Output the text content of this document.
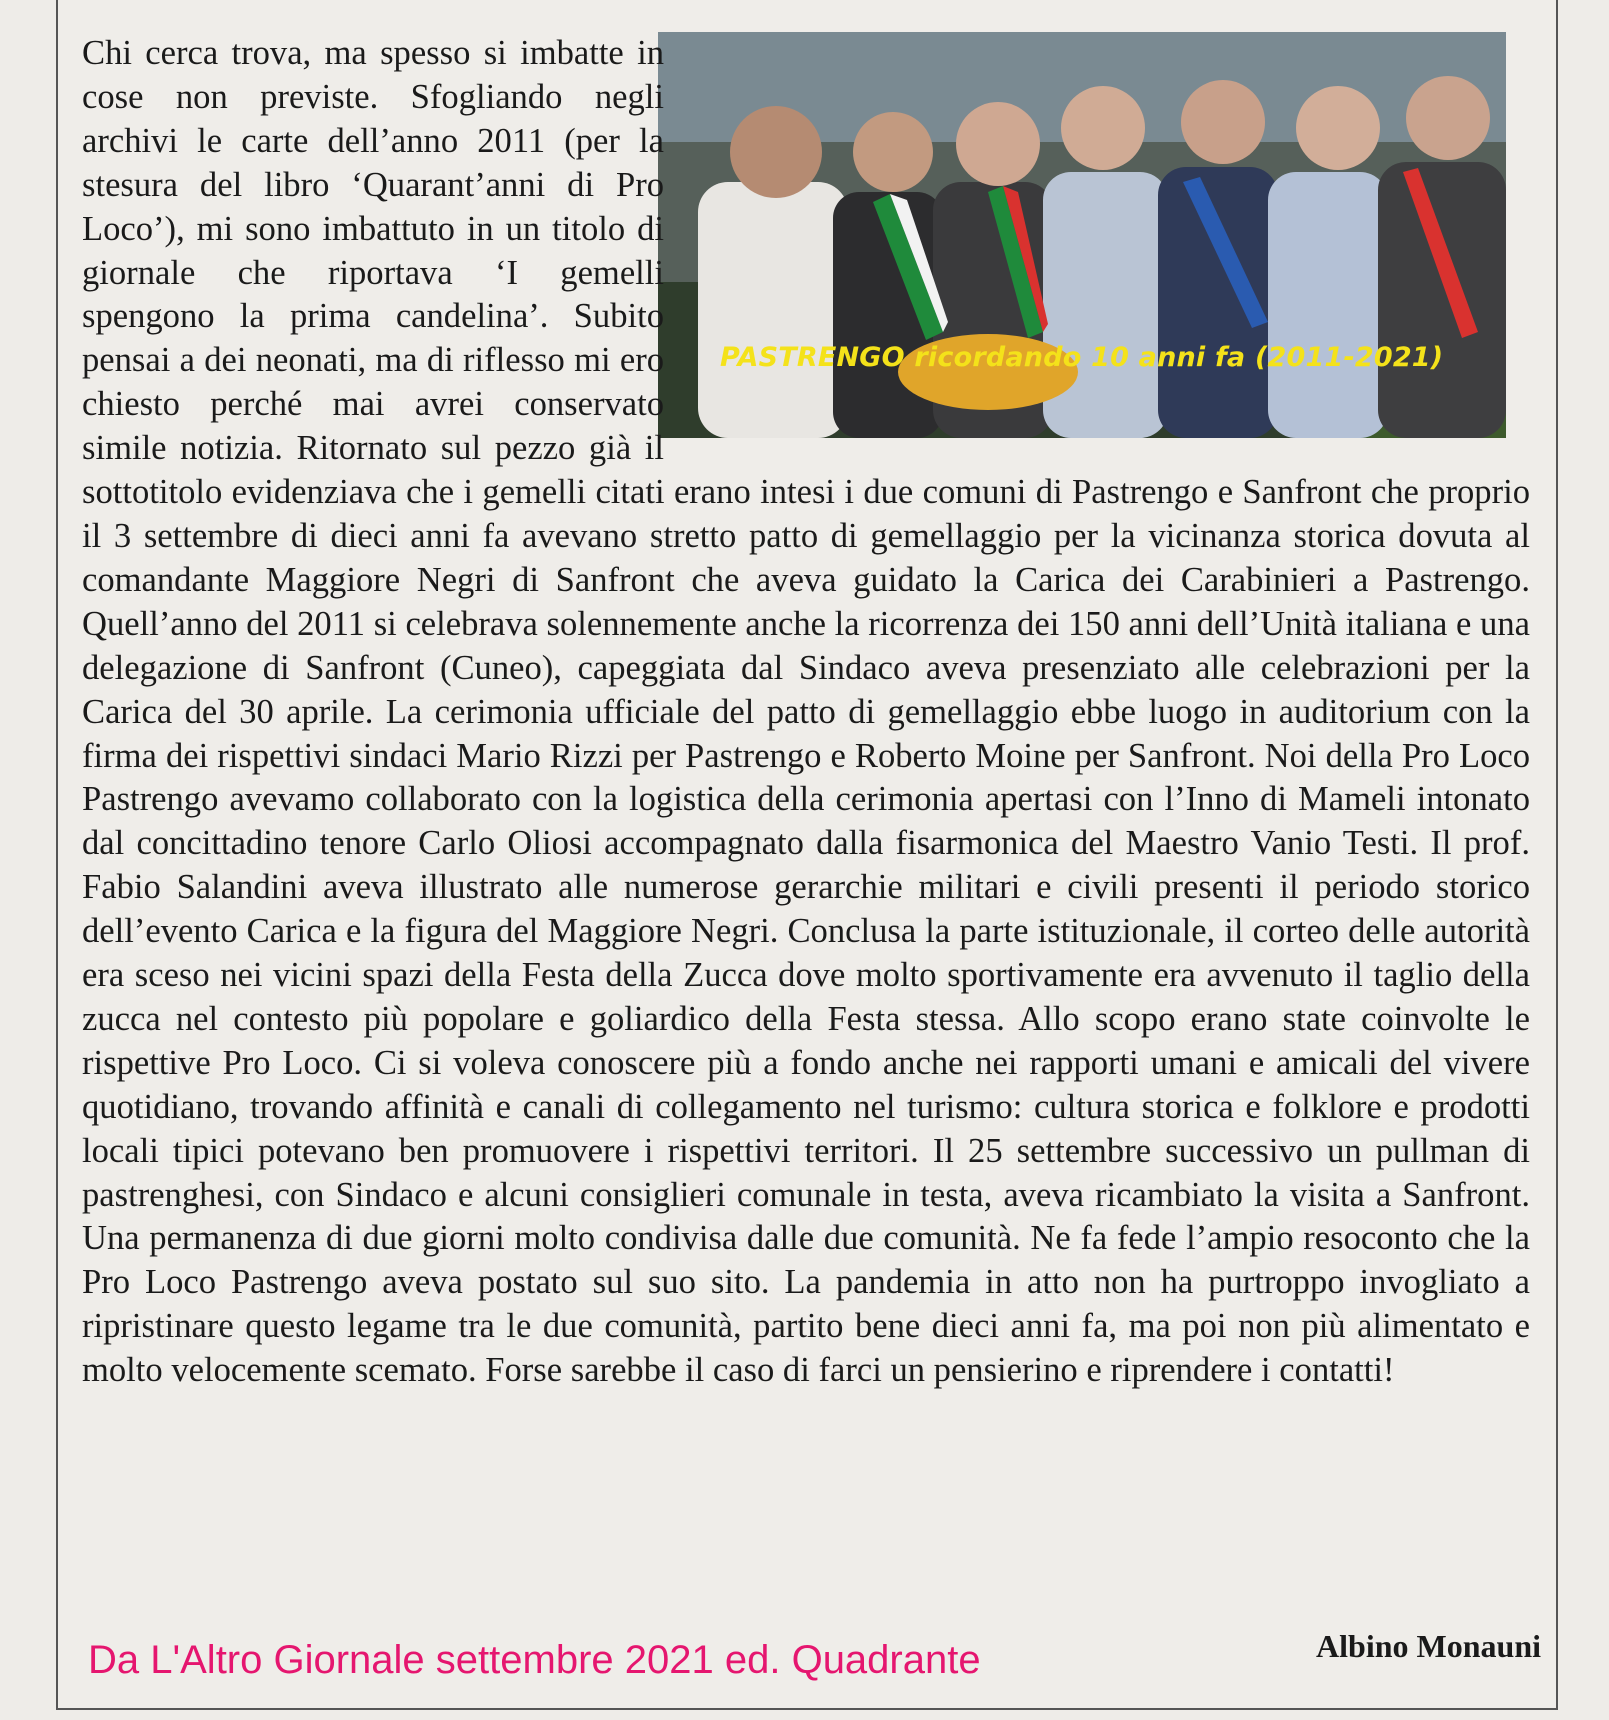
PASTRENGO ricordando 10 anni fa (2011-2021)
Chi cerca trova, ma spesso si imbatte in cose non previste. Sfogliando negli archivi le carte dell’anno 2011 (per la stesura del libro ‘Quarant’anni di Pro Loco’), mi sono imbattuto in un titolo di giornale che riportava ‘I gemelli spengono la prima candelina’. Subito pensai a dei neonati, ma di riflesso mi ero chiesto perché mai avrei conservato simile notizia. Ritornato sul pezzo già il sottotitolo evidenziava che i gemelli citati erano intesi i due comuni di Pastrengo e Sanfront che proprio il 3 settembre di dieci anni fa avevano stretto patto di gemellaggio per la vicinanza storica dovuta al comandante Maggiore Negri di Sanfront che aveva guidato la Carica dei Carabinieri a Pastrengo. Quell’anno del 2011 si celebrava solennemente anche la ricorrenza dei 150 anni dell’Unità italiana e una delegazione di Sanfront (Cuneo), capeggiata dal Sindaco aveva presenziato alle celebrazioni per la Carica del 30 aprile. La cerimonia ufficiale del patto di gemellaggio ebbe luogo in auditorium con la firma dei rispettivi sindaci Mario Rizzi per Pastrengo e Roberto Moine per Sanfront. Noi della Pro Loco Pastrengo avevamo collaborato con la logistica della cerimonia apertasi con l’Inno di Mameli intonato dal concittadino tenore Carlo Oliosi accompagnato dalla fisarmonica del Maestro Vanio Testi. Il prof. Fabio Salandini aveva illustrato alle numerose gerarchie militari e civili presenti il periodo storico dell’evento Carica e la figura del Maggiore Negri. Conclusa la parte istituzionale, il corteo delle autorità era sceso nei vicini spazi della Festa della Zucca dove molto sportivamente era avvenuto il taglio della zucca nel contesto più popolare e goliardico della Festa stessa. Allo scopo erano state coinvolte le rispettive Pro Loco. Ci si voleva conoscere più a fondo anche nei rapporti umani e amicali del vivere quotidiano, trovando affinità e canali di collegamento nel turismo: cultura storica e folklore e prodotti locali tipici potevano ben promuovere i rispettivi territori. Il 25 settembre successivo un pullman di pastrenghesi, con Sindaco e alcuni consiglieri comunale in testa, aveva ricambiato la visita a Sanfront. Una permanenza di due giorni molto condivisa dalle due comunità. Ne fa fede l’ampio resoconto che la Pro Loco Pastrengo aveva postato sul suo sito. La pandemia in atto non ha purtroppo invogliato a ripristinare questo legame tra le due comunità, partito bene dieci anni fa, ma poi non più alimentato e molto velocemente scemato. Forse sarebbe il caso di farci un pensierino e riprendere i contatti!
Da L'Altro Giornale settembre 2021 ed. Quadrante	Albino Monauni
